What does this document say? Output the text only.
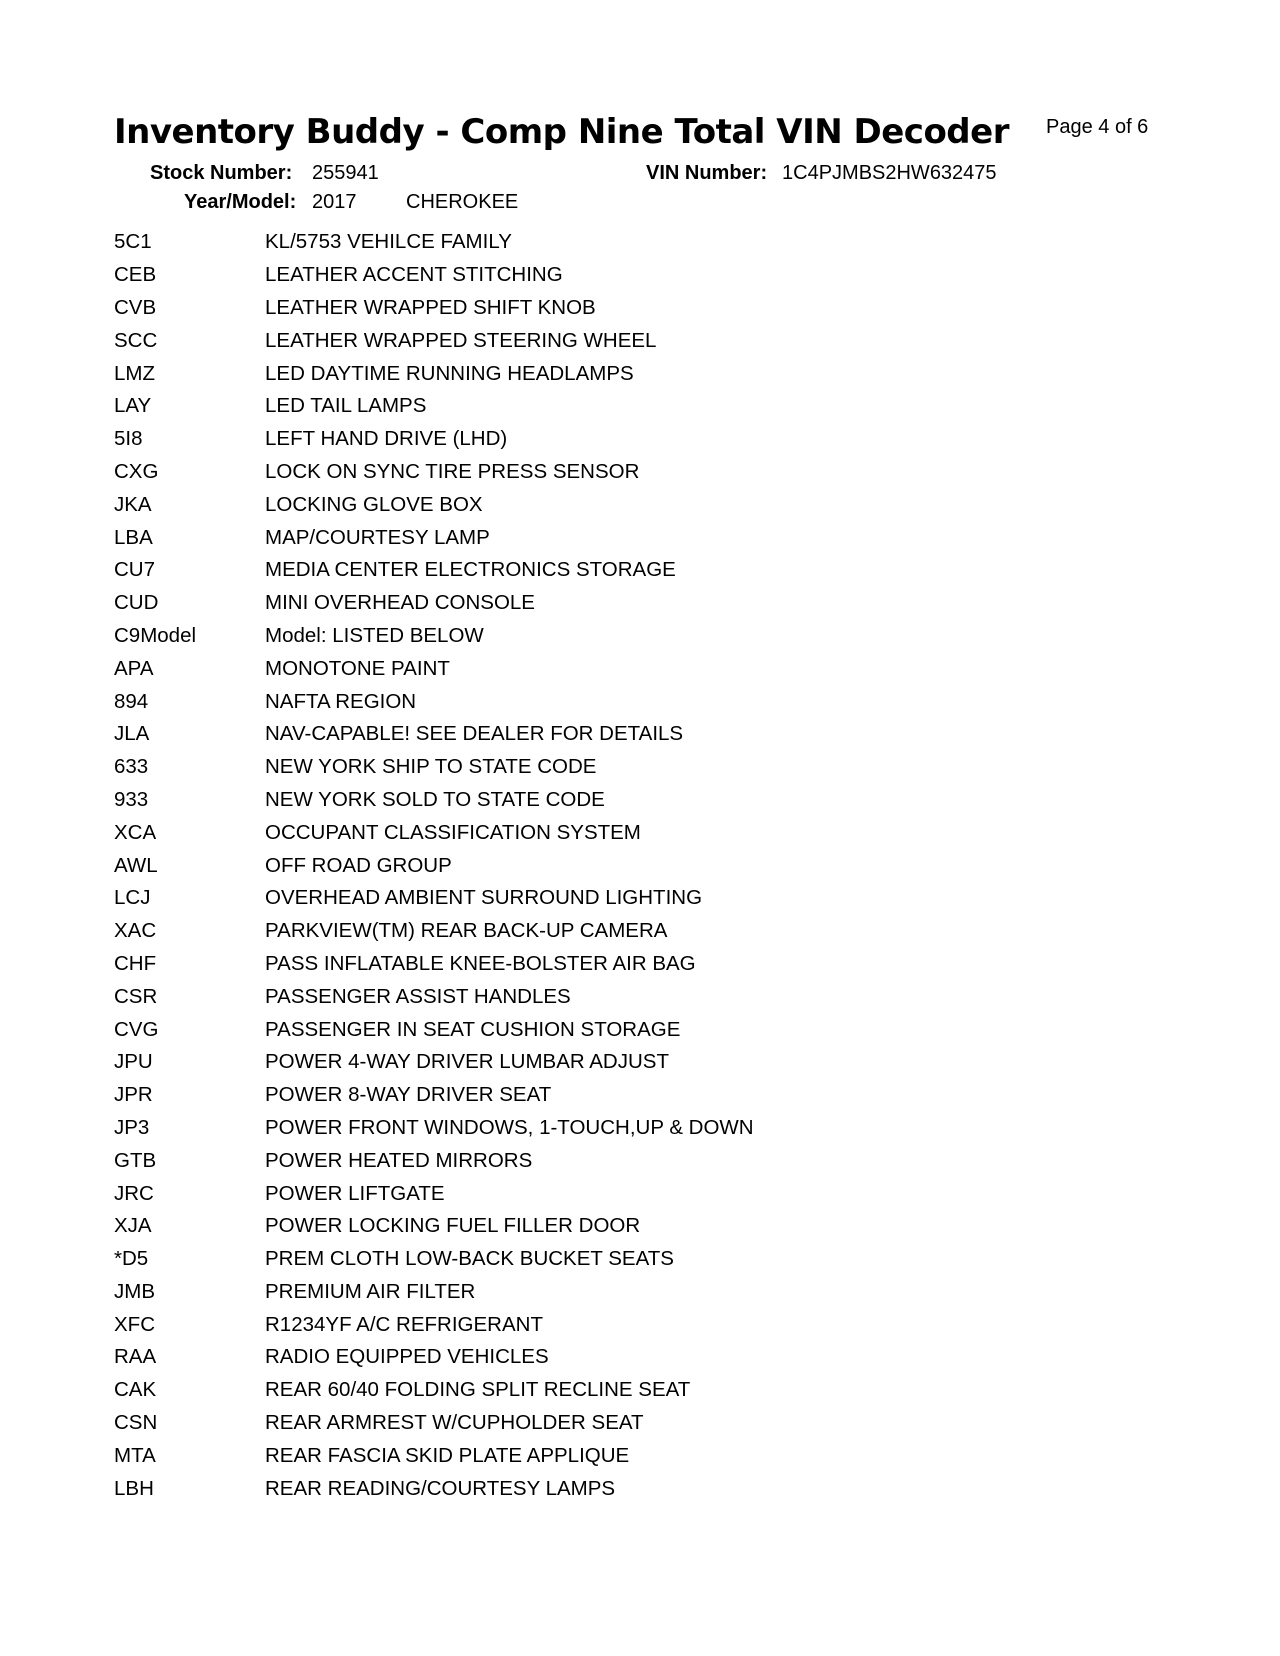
Inventory Buddy - Comp Nine Total VIN Decoder Page 4 of 6
Stock Number: 255941	VIN Number: 1C4PJMBS2HW632475
Year/Model: 2017 CHEROKEE
5C1	KL/5753 VEHILCE FAMILY
CEB	LEATHER ACCENT STITCHING
CVB	LEATHER WRAPPED SHIFT KNOB
SCC	LEATHER WRAPPED STEERING WHEEL
LMZ	LED DAYTIME RUNNING HEADLAMPS
LAY	LED TAIL LAMPS
5I8	LEFT HAND DRIVE (LHD)
CXG	LOCK ON SYNC TIRE PRESS SENSOR
JKA	LOCKING GLOVE BOX
LBA	MAP/COURTESY LAMP
CU7	MEDIA CENTER ELECTRONICS STORAGE
CUD	MINI OVERHEAD CONSOLE
C9Model	Model: LISTED BELOW
APA	MONOTONE PAINT
894	NAFTA REGION
JLA	NAV-CAPABLE! SEE DEALER FOR DETAILS
633	NEW YORK SHIP TO STATE CODE
933	NEW YORK SOLD TO STATE CODE
XCA	OCCUPANT CLASSIFICATION SYSTEM
AWL	OFF ROAD GROUP
LCJ	OVERHEAD AMBIENT SURROUND LIGHTING
XAC	PARKVIEW(TM) REAR BACK-UP CAMERA
CHF	PASS INFLATABLE KNEE-BOLSTER AIR BAG
CSR	PASSENGER ASSIST HANDLES
CVG	PASSENGER IN SEAT CUSHION STORAGE
JPU	POWER 4-WAY DRIVER LUMBAR ADJUST
JPR	POWER 8-WAY DRIVER SEAT
JP3	POWER FRONT WINDOWS, 1-TOUCH,UP & DOWN
GTB	POWER HEATED MIRRORS
JRC	POWER LIFTGATE
XJA	POWER LOCKING FUEL FILLER DOOR
*D5	PREM CLOTH LOW-BACK BUCKET SEATS
JMB	PREMIUM AIR FILTER
XFC	R1234YF A/C REFRIGERANT
RAA	RADIO EQUIPPED VEHICLES
CAK	REAR 60/40 FOLDING SPLIT RECLINE SEAT
CSN	REAR ARMREST W/CUPHOLDER SEAT
MTA	REAR FASCIA SKID PLATE APPLIQUE
LBH	REAR READING/COURTESY LAMPS
